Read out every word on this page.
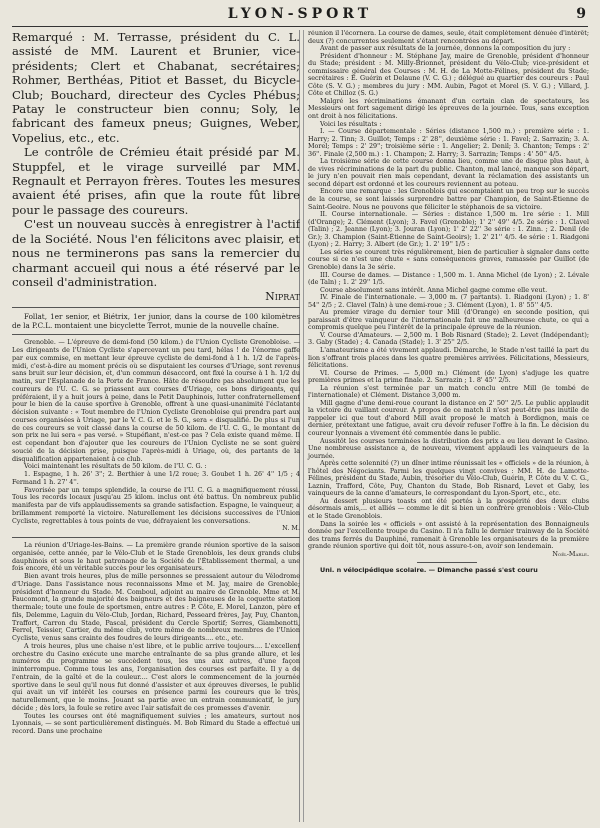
LYON-SPORT	9

Remarqué : M. Terrasse, président du C. L. assisté de MM. Laurent et Brunier, vice-présidents; Clert et Chabanat, secrétaires; Rohmer, Berthéas, Pitiot et Basset, du Bicycle-Club; Bouchard, directeur des Cycles Phébus; Patay le constructeur bien connu; Soly, le fabricant des fameux pneus; Guignes, Weber, Vopelius, etc., etc.

Le contrôle de Crémieu était présidé par M. Stuppfel, et le virage surveillé par MM. Regnault et Perrayon frères. Toutes les mesures avaient été prises, afin que la route fût libre pour le passage des coureurs.

C'est un nouveau succès à enregistrer à l'actif de la Société. Nous l'en félicitons avec plaisir, et nous ne terminerons pas sans la remercier du charmant accueil qui nous a été réservé par le conseil d'administration.

Niprat

Follat, 1er senior, et Biétrix, 1er junior, dans la course de 100 kilomètres de la P.C.L. montaient une bicyclette Terrot, munie de la nouvelle chaîne.

Grenoble. — L'épreuve de demi-fond (50 kilom.) de l'Union Cycliste Grenobloise. — Les dirigeants de l'Union Cycliste s'apercevant un peu tard, hélas ! de l'énorme gaffe par eux commise, en mettant leur épreuve cycliste de demi-fond à 1 h. 1/2 de l'après-midi, c'est-à-dire au moment précis où se disputaient les courses d'Uriage, sont revenus sans bruit sur leur décision, et, d'un commun désaccord, ont fixé la course à 1 h. 1/2 du matin, sur l'Esplanade de la Porte de France. Hâte de résoudre pas absolument que les coureurs de l'U. C. G. se priassent aux courses d'Uriage, ces bons dirigeants, qui préféraient, il y a huit jours à peine, dans le Petit Dauphinois, lutter confraternellement pour le bien de la cause sportive à Grenoble, offrent à une quasi-unanimité l'éclatante décision suivante : « Tout membre de l'Union Cycliste Grenobloise qui prendra part aux courses organisées à Uriage, par le V. C. G. et le S. G., sera « disqualifié. De plus si l'un de ces coureurs se voit classé dans la course de 50 kilom. de l'U. C. G., le montant de son prix ne lui sera « pas versé. » Stupéfiant, n'est-ce pas ? Cela existe quand même. Il est cependant bon d'ajouter que les coureurs de l'Union Cycliste ne se sont guère soucié de la décision prise, puisque l'après-midi à Uriage, où, des partants de la disqualification appartenaient à ce club.

Voici maintenant les résultats de 50 kilom. de l'U. C. G. :

1. Espagne, 1 h. 26' 3''; 2. Berthier à une 1/2 roue; 3. Goubet 1 h. 26' 4'' 1/5 ; 4 Fermand 1 h. 27' 4''.

Favorisée par un temps splendide, la course de l'U. C. G. a magnifiquement réussi. Tous les records locaux jusqu'au 25 kilom. inclus ont été battus. Un nombreux public manifesta par de vifs applaudissements sa grande satisfaction. Espagne, le vainqueur, a brillamment remporté la victoire. Naturellement les décisions successives de l'Union Cycliste, regrettables à tous points de vue, défrayaient les conversations.

N. M.

La réunion d'Uriage-les-Bains. — La première grande réunion sportive de la saison organisée, cette année, par le Vélo-Club et le Stade Grenoblois, les deux grands clubs dauphinois et sous le haut patronage de la Société de l'Établissement thermal, a une fois encore, été un véritable succès pour les organisateurs.

Bien avant trois heures, plus de mille personnes se pressaient autour du Vélodrome d'Uriage. Dans l'assistance nous reconnaissons Mme et M. Jay, maire de Grenoble; président d'honneur du Stade. M. Comboul, adjoint au maire de Grenoble. Mme et M. Faucomont, la grande majorité des baigneurs et des baigneuses de la coquette station thermale; toute une foule de sportsmen, entre autres : P. Côte, E. Morel, Lanzon, père et fils, Delemme, Laguin du Vélo-Club, Jordan, Richard, Pesseard frères, Jay, Puy, Chanton, Traffort, Carron du Stade, Pascal, président du Cercle Sportif; Serres, Giambenotti, Ferrel, Teissier, Cartier, du même club, votre même de nombreux membres de l'Union Cycliste, venus sans crainte des foudres de leurs dirigeants.... etc., etc.

A trois heures, plus une chaise n'est libre, et le public arrive toujours.... L'excellent orchestre du Casino exécute une marche entraînante de sa plus grande allure, et les numéros du programme se succèdent tous, les uns aux autres, d'une façon ininterrompue. Comme tous les ans, l'organisation des courses est parfaite. Il y a de l'entrain, de la gaîté et de la couleur.... C'est alors le commencement de la journée sportive dans le seul qu'il nous fut donné d'assister et aux épreuves diverses, le public qui avait un vif intérêt les courses en présence parmi les coureurs que le très, naturellement, que le moins. Jouant sa partie avec un entrain communicatif, le jury décide ; dès lors, la foule se retire avec l'air satisfait de ces promesses d'avenir.

Toutes les courses ont été magnifiquement suivies ; les amateurs, surtout nos Lyonnais, — se sont particulièrement distingués. M. Bob Rimard du Stade a effectué un record. Dans une prochaine

réunion il l'écornera. La course de dames, seule, était complètement dénuée d'intérêt; deux (?) concurrentes seulement s'étant rencontrées au départ.

Avant de passer aux résultats de la journée, donnons la composition du jury :

Président d'honneur : M. Stéphane Jay, maire de Grenoble, président d'honneur du Stade; président : M. Milly-Brionnet, président du Vélo-Club; vice-président et commissaire général des Courses : M. H. de La Motte-Félines, président du Stade; secrétaires : E. Guérin et Delaune (V. C. G.) ; délégué au quartier des coureurs : Paul Côte (S. V. G.) ; membres du jury : MM. Aubin, Pagot et Morel (S. V. G.) ; Villard, J. Côte et Chilloz (S. G.)

Malgré les récriminations émanant d'un certain clan de spectateurs, les Messieurs ont fort sagement dirigé les épreuves de la journée. Tous, sans exception ont droit à nos félicitations.

Voici les résultats :

I. — Course départementale : Séries (distance 1,500 m.) : première série : 1. Harry; 2. Tinn; 3. Guillot; Temps : 2' 28'', deuxième série : 1. Favel; 2. Sarrazin; 3. A. Morel; Temps : 2' 29''; troisième série : 1. Angelier; 2. Denil; 3. Chanton; Temps : 2' 36''. Finale (2,500 m.) : 1. Champon; 2. Harry; 3. Sarrazin; Temps : 4' 50'' 4/5.

La troisième série de cette course donna lieu, comme une de disque plus haut, à de vives récriminations de la part du public. Chanton, mal lancé, manque son départ, le jury n'en pouvait rien mais cependant, devant la réclamation des assistants un second départ est ordonné et les coureurs reviennent au poteau.

Encore une remarque : les Grenoblois qui escomptaient un peu trop sur le succès de la course, se sont laissés surprendre battre par Champion, de Saint-Étienne de Saint-Geoire. Nous ne pouvons que féliciter le stéphanois de sa victoire.

II. Course internationale. — Séries : distance 1,500 m. 1re série : 1. Mill (d'Orange); 2. Clément (Lyon); 3. Favel (Grenoble); 1' 2'' 49'' 4/5. 2e série : 1. Clavel (Talin) ; 2. Jeanne (Lyon); 3. Jouran (Lyon); 1' 2' 22'' 3e série : 1. Zinn. ; 2. Denil (de Gr.); 3. Champion (Saint-Étienne de Saint-Geoirs); 1. 2' 21'' 4/5. 4e série : 1. Riadgoni (Lyon) ; 2. Harry; 3. Albert (de Gr.); 1. 2' 19'' 1/5 :

Les séries se courent très régulièrement, bien de particulier à signaler dans cette course si ce n'est une chute « sans conséquences graves, ramassée par Guillot (de Grenoble) dans la 3e série.

III. Course de dames. — Distance : 1,500 m. 1. Anna Michel (de Lyon) ; 2. Lévale (de Taln) ; 1. 2' 29'' 1/5.

Course absolument sans intérêt. Anna Michel gagne comme elle veut.

IV. Finale de l'internationale. — 3,000 m. (7 partants). 1. Riadgoni (Lyon) ; 1. 8' 54'' 2/5 ; 2. Clavel (Taln) à une demi-roue ; 3. Clément (Lyon), 1. 8' 55'' 4/5.

Au premier virage du dernier tour Mill (d'Orange) en seconde position, qui paraissait d'être vainqueur de l'internationale fait une malheureuse chute, ce qui a compromis quelque peu l'intérêt de la principale épreuve de la réunion.

V. Course d'Amateurs. — 2,500 m. 1 Bob Risnard (Stade); 2. Levet (Indépendant); 3. Gaby (Stade) ; 4. Canada (Stade); 1. 3' 25'' 2/5.

L'amateurisme a été vivement applaudi. Démarche, le Stade n'est taillé la part du lion s'offrant trois places dans les quatre premières arrivées. Félicitations, Messieurs, félicitations.

VI. Course de Primes. — 5,000 m.) Clément (de Lyon) s'adjuge les quatre premières primes et la prime finale. 2. Sarrazin ; 1. 8' 45'' 2/5.

La réunion s'est terminée par un match conclu entre Mill (le tombé de l'internationale) et Clément. Distance 3,000 m.

Mill gagne d'une demi-roue courant la distance en 2' 50'' 2/5. Le public applaudit la victoire du vaillant coureur. A propos de ce match il n'est peut-être pas inutile de rappeler ici que tout d'abord Mill avait proposé le match à Bordignon, mais ce dernier, prétextant une fatigue, avait cru devoir refuser l'offre à la fin. Le décision du coureur lyonnais a vivement été commentée dans le public.

Aussitôt les courses terminées la distribution des prix a eu lieu devant le Casino. Une nombreuse assistance a, de nouveau, vivement applaudi les vainqueurs de la journée.

Après cette solennité (?) un dîner intime réunissait les « officiels » de la réunion, à l'hôtel des Négociants. Parmi les quelques vingt convives : MM. H. de Lamotte-Félines, président du Stade, Aubin, trésorier du Vélo-Club, Guérin, P. Côte du V. C. G., Laznin, Trafford, Côte, Puy, Chanton du Stade, Bob Risnard, Levet et Gaby, les vainqueurs de la canne d'amateurs, le correspondant du Lyon-Sport, etc., etc.

Au dessert plusieurs toasts ont été portés à la prospérité des deux clubs désormais amis,... et alliés — comme le dit si bien un confrère grenoblois : Vélo-Club et le Stade Grenoblois.

Dans la soirée les « officiels » ont assisté à la représentation des Bonnaigneuls donnée par l'excellente troupe du Casino. Il n'a fallu le dernier trainway de la Société des trams ferrés du Dauphiné, ramenait à Grenoble les organisateurs de la première grande réunion sportive qui doit tôt, nous assure-t-on, avoir son lendemain.

Noël-Marle.

Uni. n vélocipédique scolaire. — Dimanche passé s'est couru
